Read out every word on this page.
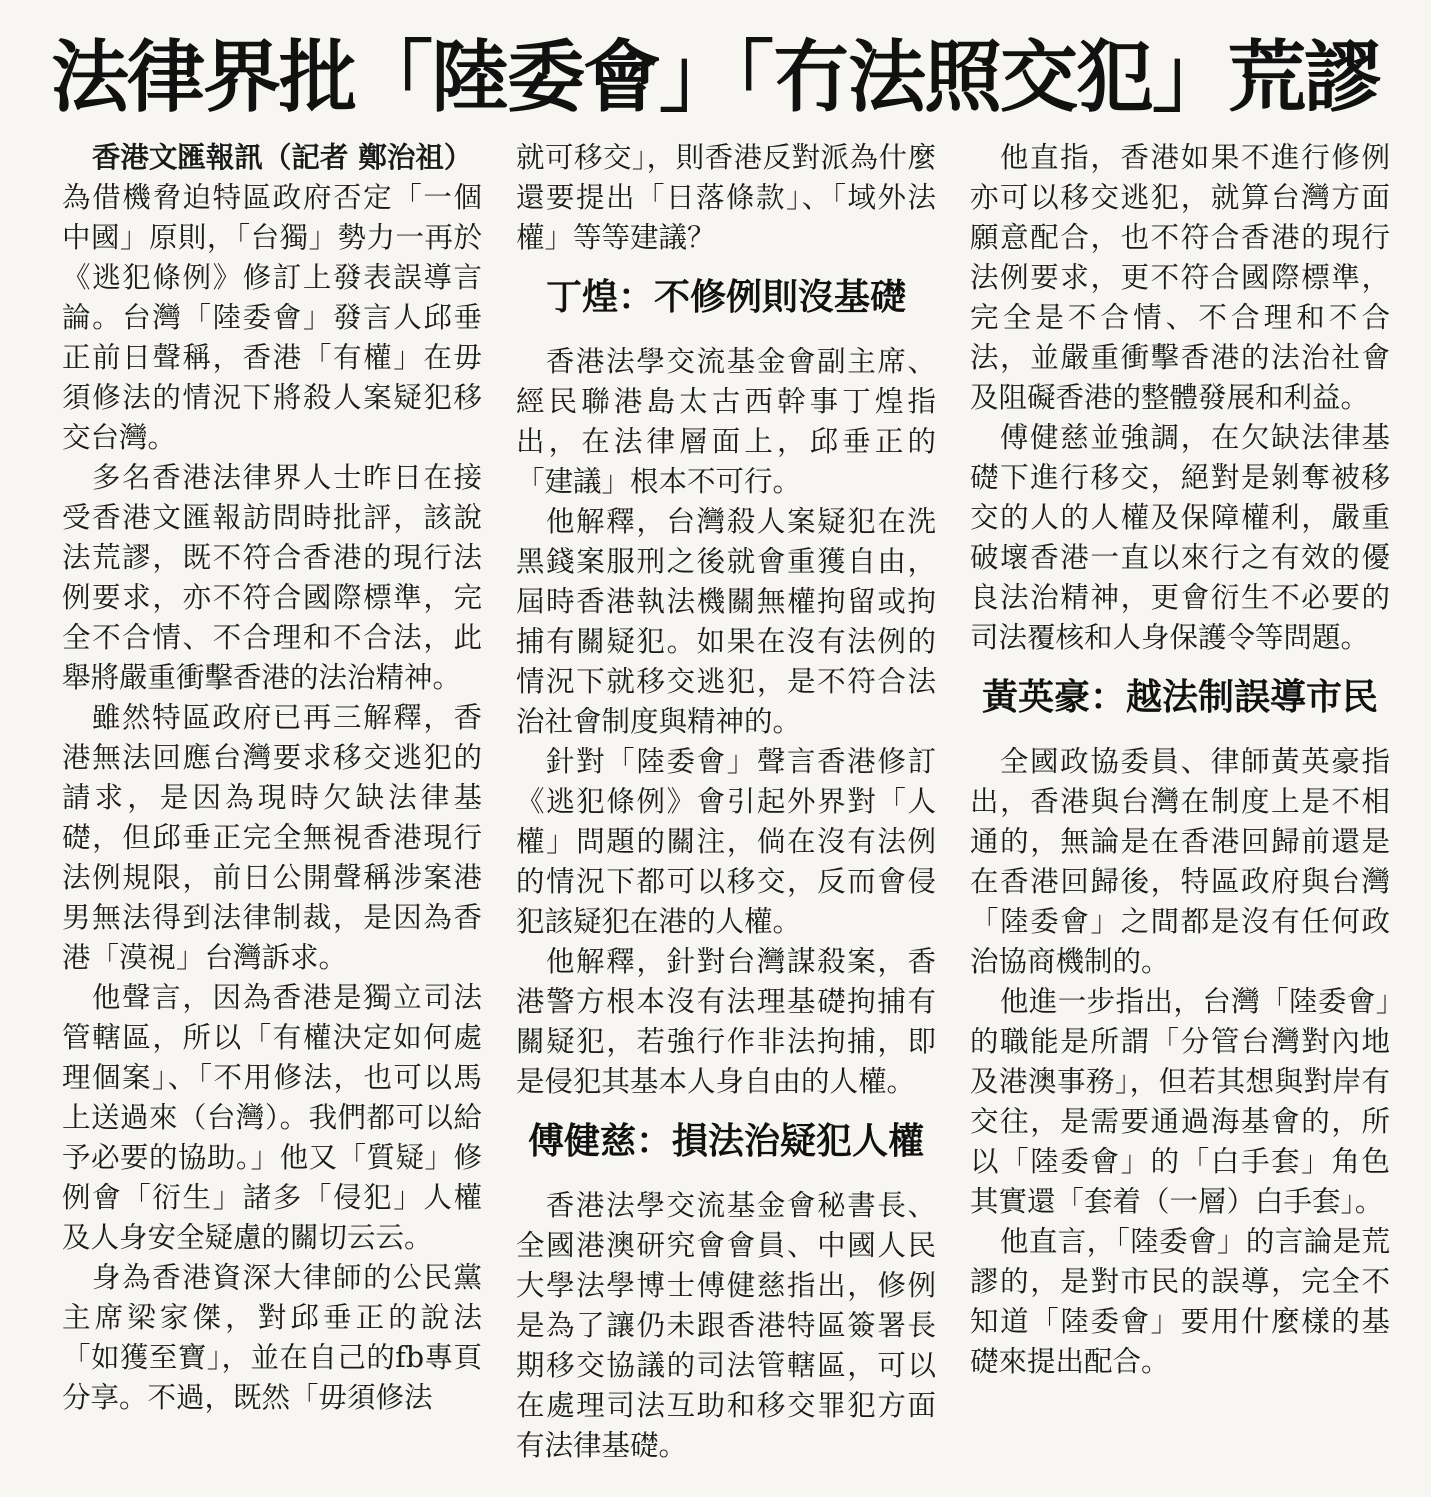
法律界批「陸委會」「冇法照交犯」荒謬

香港文匯報訊（記者 鄭治祖）

為借機脅迫特區政府否定「一個中國」原則，「台獨」勢力一再於《逃犯條例》修訂上發表誤導言論。台灣「陸委會」發言人邱垂正前日聲稱，香港「有權」在毋須修法的情況下將殺人案疑犯移交台灣。

多名香港法律界人士昨日在接受香港文匯報訪問時批評，該說法荒謬，既不符合香港的現行法例要求，亦不符合國際標準，完全不合情、不合理和不合法，此舉將嚴重衝擊香港的法治精神。

雖然特區政府已再三解釋，香港無法回應台灣要求移交逃犯的請求，是因為現時欠缺法律基礎，但邱垂正完全無視香港現行法例規限，前日公開聲稱涉案港男無法得到法律制裁，是因為香港「漠視」台灣訴求。

他聲言，因為香港是獨立司法管轄區，所以「有權決定如何處理個案」、「不用修法，也可以馬上送過來（台灣）。我們都可以給予必要的協助。」他又「質疑」修例會「衍生」諸多「侵犯」人權及人身安全疑慮的關切云云。

身為香港資深大律師的公民黨主席梁家傑，對邱垂正的說法「如獲至寶」，並在自己的fb專頁分享。不過，既然「毋須修法

就可移交」，則香港反對派為什麼還要提出「日落條款」、「域外法權」等等建議？

丁煌：不修例則沒基礎

香港法學交流基金會副主席、經民聯港島太古西幹事丁煌指出，在法律層面上，邱垂正的「建議」根本不可行。

他解釋，台灣殺人案疑犯在洗黑錢案服刑之後就會重獲自由，屆時香港執法機關無權拘留或拘捕有關疑犯。如果在沒有法例的情況下就移交逃犯，是不符合法治社會制度與精神的。

針對「陸委會」聲言香港修訂《逃犯條例》會引起外界對「人權」問題的關注，倘在沒有法例的情況下都可以移交，反而會侵犯該疑犯在港的人權。

他解釋，針對台灣謀殺案，香港警方根本沒有法理基礎拘捕有關疑犯，若強行作非法拘捕，即是侵犯其基本人身自由的人權。

傅健慈：損法治疑犯人權

香港法學交流基金會秘書長、全國港澳研究會會員、中國人民大學法學博士傅健慈指出，修例是為了讓仍未跟香港特區簽署長期移交協議的司法管轄區，可以在處理司法互助和移交罪犯方面有法律基礎。

他直指，香港如果不進行修例亦可以移交逃犯，就算台灣方面願意配合，也不符合香港的現行法例要求，更不符合國際標準，完全是不合情、不合理和不合法，並嚴重衝擊香港的法治社會及阻礙香港的整體發展和利益。

傅健慈並強調，在欠缺法律基礎下進行移交，絕對是剝奪被移交的人的人權及保障權利，嚴重破壞香港一直以來行之有效的優良法治精神，更會衍生不必要的司法覆核和人身保護令等問題。

黃英豪：越法制誤導市民

全國政協委員、律師黃英豪指出，香港與台灣在制度上是不相通的，無論是在香港回歸前還是在香港回歸後，特區政府與台灣「陸委會」之間都是沒有任何政治協商機制的。

他進一步指出，台灣「陸委會」的職能是所謂「分管台灣對內地及港澳事務」，但若其想與對岸有交往，是需要通過海基會的，所以「陸委會」的「白手套」角色其實還「套着（一層）白手套」。

他直言，「陸委會」的言論是荒謬的，是對市民的誤導，完全不知道「陸委會」要用什麼樣的基礎來提出配合。
